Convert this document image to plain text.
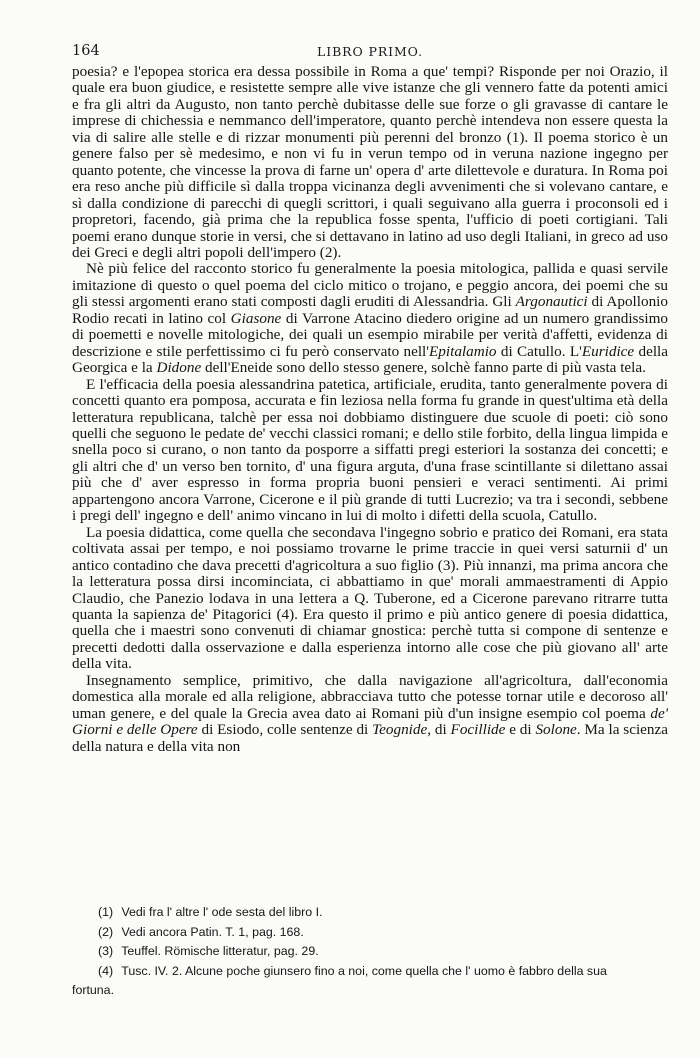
164	LIBRO PRIMO.

poesia? e l'epopea storica era dessa possibile in Roma a que' tempi? Risponde per noi Orazio, il quale era buon giudice, e resistette sempre alle vive istanze che gli vennero fatte da potenti amici e fra gli altri da Augusto, non tanto perchè dubitasse delle sue forze o gli gravasse di cantare le imprese di chichessia e nemmanco dell'imperatore, quanto perchè intendeva non essere questa la via di salire alle stelle e di rizzar monumenti più perenni del bronzo (1). Il poema storico è un genere falso per sè medesimo, e non vi fu in verun tempo od in veruna nazione ingegno per quanto potente, che vincesse la prova di farne un' opera d' arte dilettevole e duratura. In Roma poi era reso anche più difficile sì dalla troppa vicinanza degli avvenimenti che si volevano cantare, e sì dalla condizione di parecchi di quegli scrittori, i quali seguivano alla guerra i proconsoli ed i propretori, facendo, già prima che la republica fosse spenta, l'ufficio di poeti cortigiani. Tali poemi erano dunque storie in versi, che si dettavano in latino ad uso degli Italiani, in greco ad uso dei Greci e degli altri popoli dell'impero (2).

Nè più felice del racconto storico fu generalmente la poesia mitologica, pallida e quasi servile imitazione di questo o quel poema del ciclo mitico o trojano, e peggio ancora, dei poemi che su gli stessi argomenti erano stati composti dagli eruditi di Alessandria. Gli Argonautici di Apollonio Rodio recati in latino col Giasone di Varrone Atacino diedero origine ad un numero grandissimo di poemetti e novelle mitologiche, dei quali un esempio mirabile per verità d'affetti, evidenza di descrizione e stile perfettissimo ci fu però conservato nell'Epitalamio di Catullo. L'Euridice della Georgica e la Didone dell'Eneide sono dello stesso genere, solchè fanno parte di più vasta tela.

E l'efficacia della poesia alessandrina patetica, artificiale, erudita, tanto generalmente povera di concetti quanto era pomposa, accurata e fin leziosa nella forma fu grande in quest'ultima età della letteratura republicana, talchè per essa noi dobbiamo distinguere due scuole di poeti: ciò sono quelli che seguono le pedate de' vecchi classici romani; e dello stile forbito, della lingua limpida e snella poco si curano, o non tanto da posporre a siffatti pregi esteriori la sostanza dei concetti; e gli altri che d' un verso ben tornito, d' una figura arguta, d'una frase scintillante si dilettano assai più che d' aver espresso in forma propria buoni pensieri e veraci sentimenti. Ai primi appartengono ancora Varrone, Cicerone e il più grande di tutti Lucrezio; va tra i secondi, sebbene i pregi dell' ingegno e dell' animo vincano in lui di molto i difetti della scuola, Catullo.

La poesia didattica, come quella che secondava l'ingegno sobrio e pratico dei Romani, era stata coltivata assai per tempo, e noi possiamo trovarne le prime traccie in quei versi saturnii d' un antico contadino che dava precetti d'agricoltura a suo figlio (3). Più innanzi, ma prima ancora che la letteratura possa dirsi incominciata, ci abbattiamo in que' morali ammaestramenti di Appio Claudio, che Panezio lodava in una lettera a Q. Tuberone, ed a Cicerone parevano ritrarre tutta quanta la sapienza de' Pitagorici (4). Era questo il primo e più antico genere di poesia didattica, quella che i maestri sono convenuti di chiamar gnostica: perchè tutta si compone di sentenze e precetti dedotti dalla osservazione e dalla esperienza intorno alle cose che più giovano all' arte della vita.

Insegnamento semplice, primitivo, che dalla navigazione all'agricoltura, dall'economia domestica alla morale ed alla religione, abbracciava tutto che potesse tornar utile e decoroso all' uman genere, e del quale la Grecia avea dato ai Romani più d'un insigne esempio col poema de' Giorni e delle Opere di Esiodo, colle sentenze di Teognide, di Focillide e di Solone. Ma la scienza della natura e della vita non

(1) Vedi fra l' altre l' ode sesta del libro I.
(2) Vedi ancora Patin. T. 1, pag. 168.
(3) Teuffel. Römische litteratur, pag. 29.
(4) Tusc. IV. 2. Alcune poche giunsero fino a noi, come quella che l' uomo è fabbro della sua
fortuna.
